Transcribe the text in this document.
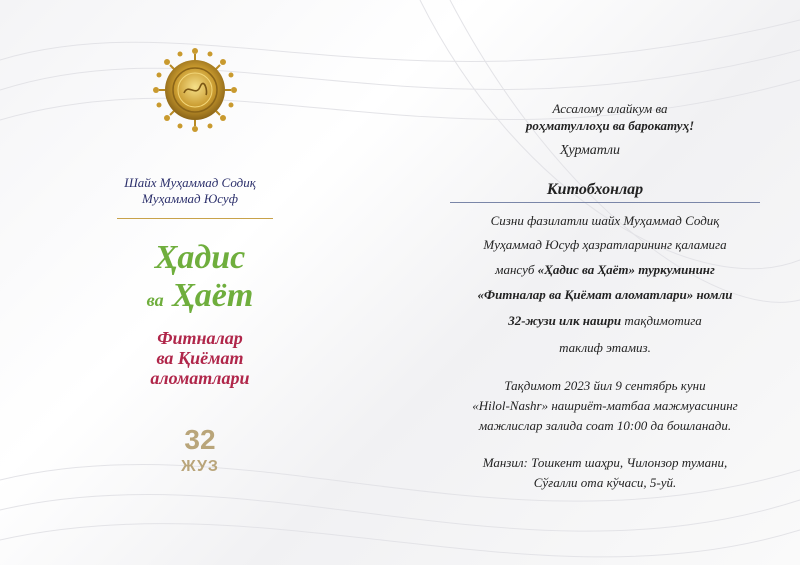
Шайх Муҳаммад Содиқ
Муҳаммад Юсуф
Ҳадис
ва Ҳаёт
Фитналар
ва Қиёмат
аломатлари
32
ЖУЗ
Ассалому алайкум ва
роҳматуллоҳи ва барокатуҳ!
Ҳурматли
Китобхонлар
Сизни фазилатли шайх Муҳаммад Содиқ
Муҳаммад Юсуф ҳазратларининг қаламига
мансуб «Ҳадис ва Ҳаёт» туркумининг
«Фитналар ва Қиёмат аломатлари» номли
32-жузи илк нашри тақдимотига
таклиф этамиз.
Тақдимот 2023 йил 9 сентябрь куни
«Hilol-Nashr» нашриёт-матбаа мажмуасининг
мажлислар залида соат 10:00 да бошланади.
Манзил: Тошкент шаҳри, Чилонзор тумани,
Сўғалли ота кўчаси, 5-уй.
